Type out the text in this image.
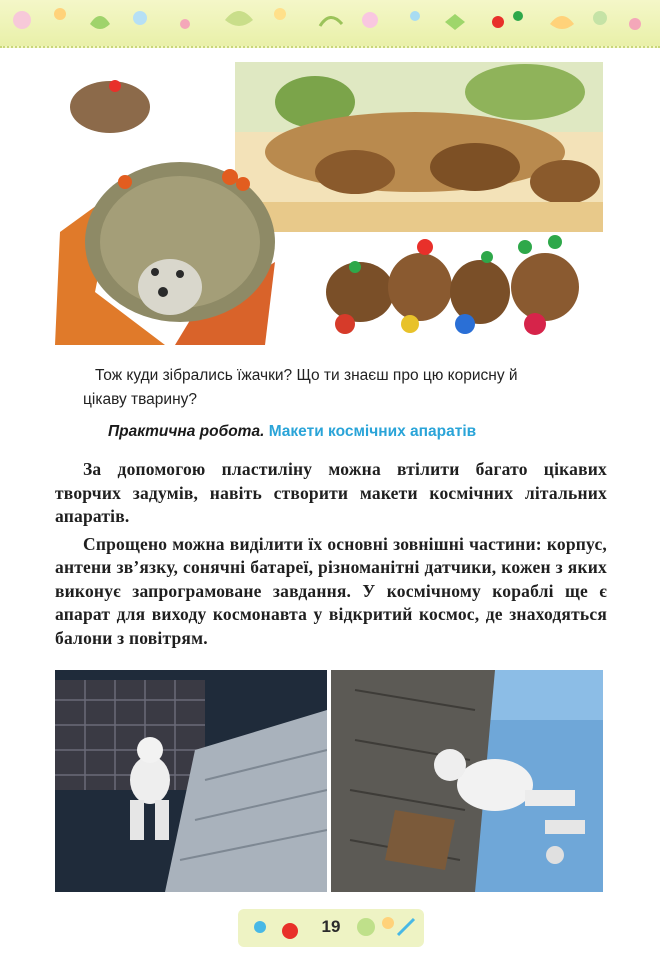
Тож куди зібрались їжачки? Що ти знаєш про цю корисну й
цікаву тварину?
Практична робота. Макети космічних апаратів

За допомогою пластиліну можна втілити багато цікавих творчих задумів, навіть створити макети космічних літальних апаратів.

Спрощено можна виділити їх основні зовнішні частини: корпус, антени зв’язку, сонячні батареї, різноманітні датчики, кожен з яких виконує запрограмоване завдання. У космічному кораблі ще є апарат для виходу космонавта у відкритий космос, де знаходяться балони з повітрям.

19
